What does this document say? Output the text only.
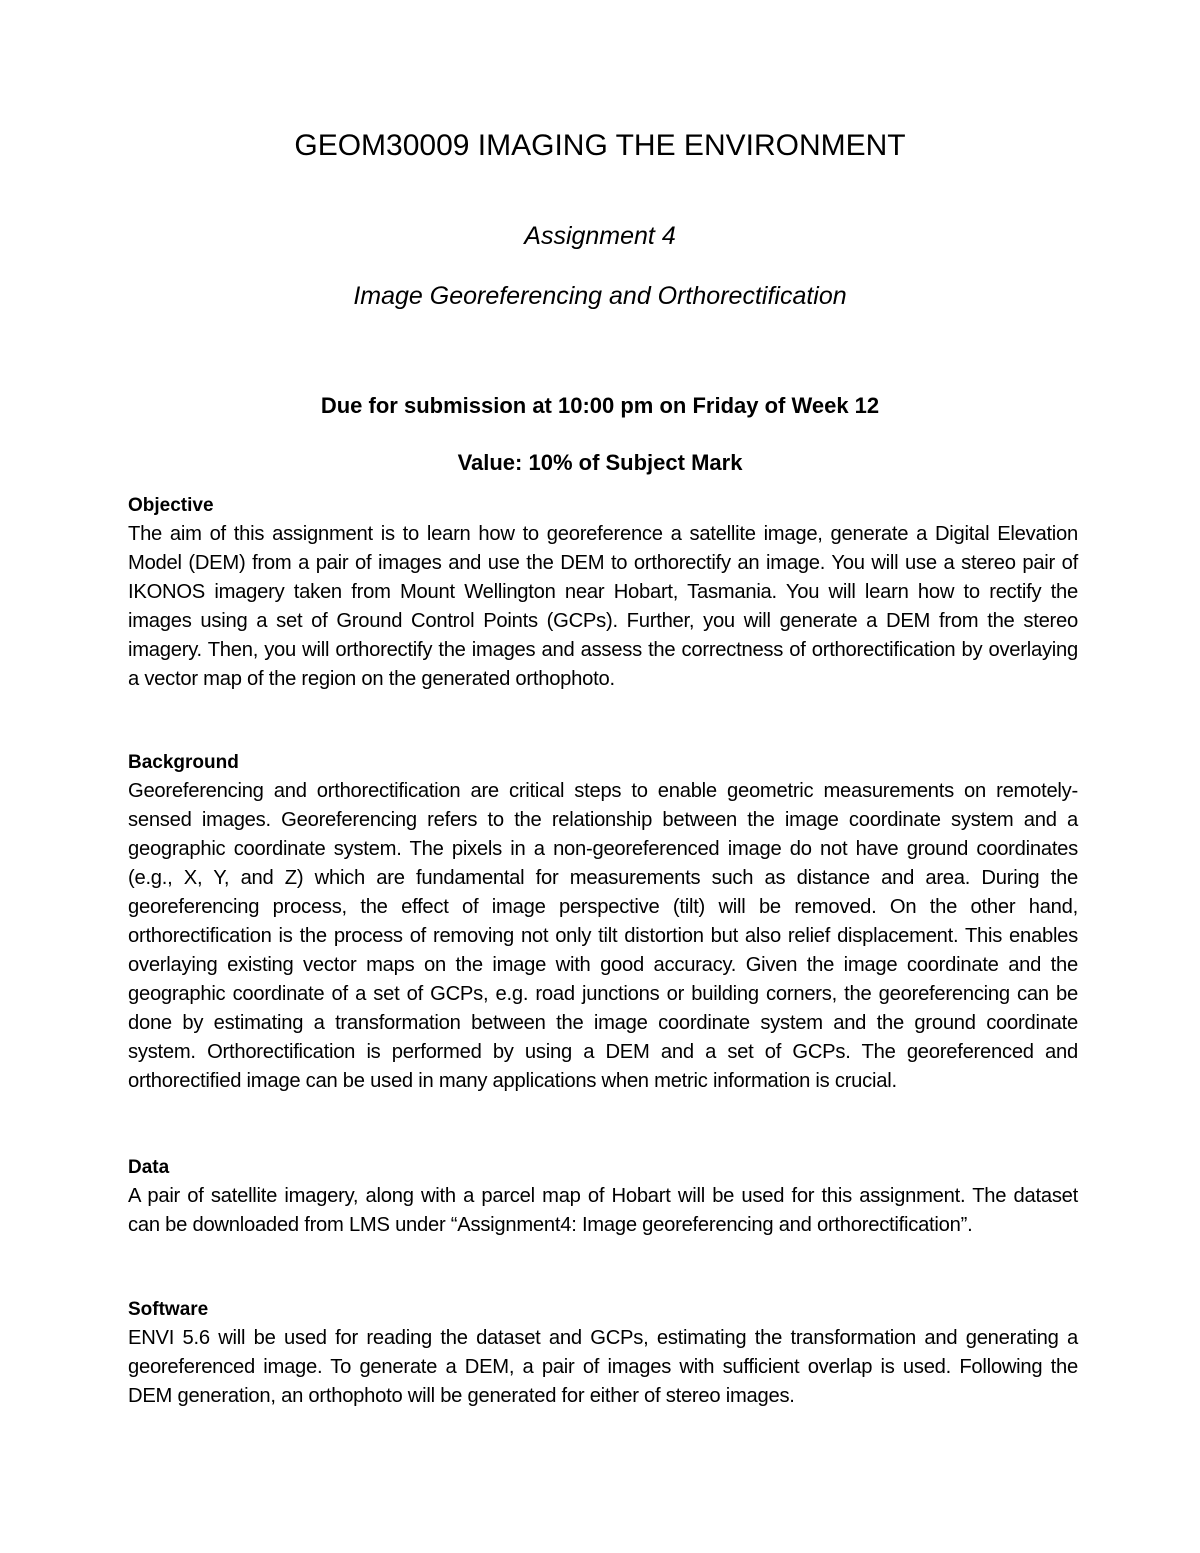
GEOM30009 IMAGING THE ENVIRONMENT
Assignment 4
Image Georeferencing and Orthorectification
Due for submission at 10:00 pm on Friday of Week 12
Value: 10% of Subject Mark

Objective

The aim of this assignment is to learn how to georeference a satellite image, generate a Digital Elevation Model (DEM) from a pair of images and use the DEM to orthorectify an image. You will use a stereo pair of IKONOS imagery taken from Mount Wellington near Hobart, Tasmania. You will learn how to rectify the images using a set of Ground Control Points (GCPs). Further, you will generate a DEM from the stereo imagery. Then, you will orthorectify the images and assess the correctness of orthorectification by overlaying a vector map of the region on the generated orthophoto.

Background

Georeferencing and orthorectification are critical steps to enable geometric measurements on remotely-sensed images. Georeferencing refers to the relationship between the image coordinate system and a geographic coordinate system. The pixels in a non-georeferenced image do not have ground coordinates (e.g., X, Y, and Z) which are fundamental for measurements such as distance and area. During the georeferencing process, the effect of image perspective (tilt) will be removed. On the other hand, orthorectification is the process of removing not only tilt distortion but also relief displacement. This enables overlaying existing vector maps on the image with good accuracy. Given the image coordinate and the geographic coordinate of a set of GCPs, e.g. road junctions or building corners, the georeferencing can be done by estimating a transformation between the image coordinate system and the ground coordinate system. Orthorectification is performed by using a DEM and a set of GCPs. The georeferenced and orthorectified image can be used in many applications when metric information is crucial.

Data

A pair of satellite imagery, along with a parcel map of Hobart will be used for this assignment. The dataset can be downloaded from LMS under “Assignment4: Image georeferencing and orthorectification”.

Software

ENVI 5.6 will be used for reading the dataset and GCPs, estimating the transformation and generating a georeferenced image. To generate a DEM, a pair of images with sufficient overlap is used. Following the DEM generation, an orthophoto will be generated for either of stereo images.
